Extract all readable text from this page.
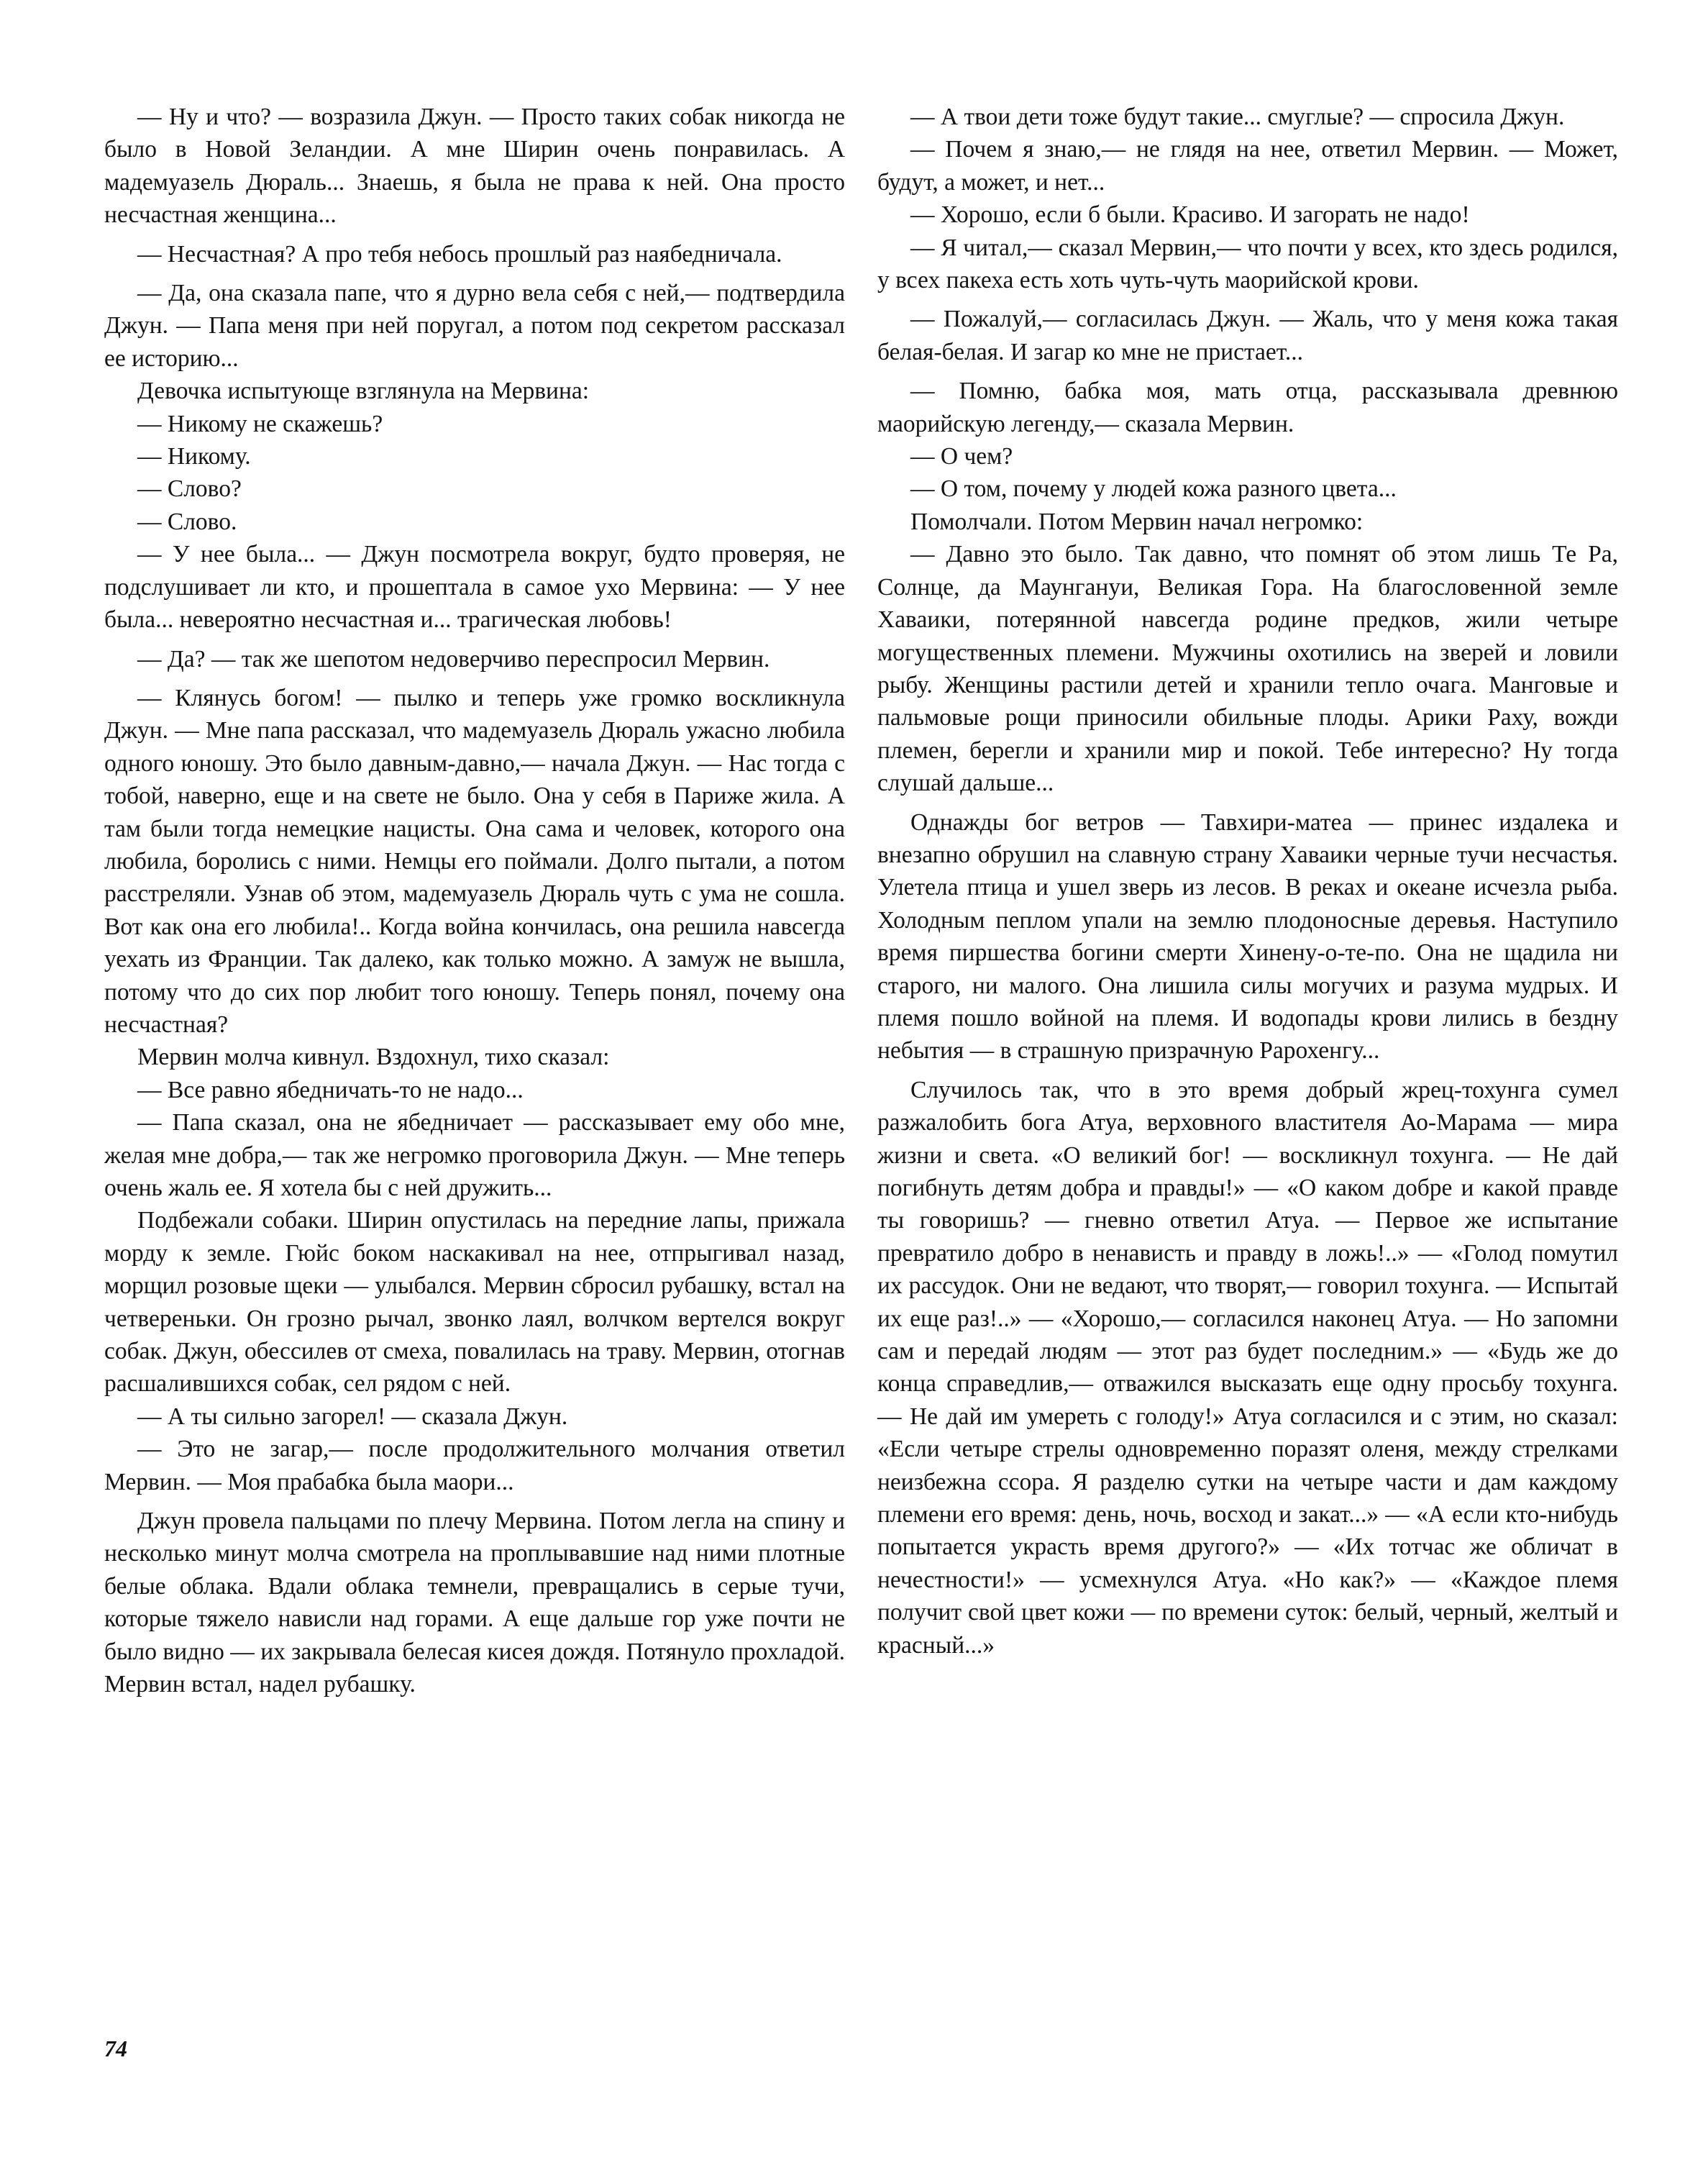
— Ну и что? — возразила Джун. — Просто таких собак никогда не было в Новой Зеландии. А мне Ширин очень понравилась. А мадемуазель Дюраль... Знаешь, я была не права к ней. Она просто несчастная женщина...

— Несчастная? А про тебя небось прошлый раз наябедничала.

— Да, она сказала папе, что я дурно вела себя с ней,— подтвердила Джун. — Папа меня при ней поругал, а потом под секретом рассказал ее историю...

Девочка испытующе взглянула на Мервина:

— Никому не скажешь?

— Никому.

— Слово?

— Слово.

— У нее была... — Джун посмотрела вокруг, будто проверяя, не подслушивает ли кто, и прошептала в самое ухо Мервина: — У нее была... невероятно несчастная и... трагическая любовь!

— Да? — так же шепотом недоверчиво переспросил Мервин.

— Клянусь богом! — пылко и теперь уже громко воскликнула Джун. — Мне папа рассказал, что мадемуазель Дюраль ужасно любила одного юношу. Это было давным-давно,— начала Джун. — Нас тогда с тобой, наверно, еще и на свете не было. Она у себя в Париже жила. А там были тогда немецкие нацисты. Она сама и человек, которого она любила, боролись с ними. Немцы его поймали. Долго пытали, а потом расстреляли. Узнав об этом, мадемуазель Дюраль чуть с ума не сошла. Вот как она его любила!.. Когда война кончилась, она решила навсегда уехать из Франции. Так далеко, как только можно. А замуж не вышла, потому что до сих пор любит того юношу. Теперь понял, почему она несчастная?

Мервин молча кивнул. Вздохнул, тихо сказал:

— Все равно ябедничать-то не надо...

— Папа сказал, она не ябедничает — рассказывает ему обо мне, желая мне добра,— так же негромко проговорила Джун. — Мне теперь очень жаль ее. Я хотела бы с ней дружить...

Подбежали собаки. Ширин опустилась на передние лапы, прижала морду к земле. Гюйс боком наскакивал на нее, отпрыгивал назад, морщил розовые щеки — улыбался. Мервин сбросил рубашку, встал на четвереньки. Он грозно рычал, звонко лаял, волчком вертелся вокруг собак. Джун, обессилев от смеха, повалилась на траву. Мервин, отогнав расшалившихся собак, сел рядом с ней.

— А ты сильно загорел! — сказала Джун.

— Это не загар,— после продолжительного молчания ответил Мервин. — Моя прабабка была маори...

Джун провела пальцами по плечу Мервина. Потом легла на спину и несколько минут молча смотрела на проплывавшие над ними плотные белые облака. Вдали облака темнели, превращались в серые тучи, которые тяжело нависли над горами. А еще дальше гор уже почти не было видно — их закрывала белесая кисея дождя. Потянуло прохладой. Мервин встал, надел рубашку.

— А твои дети тоже будут такие... смуглые? — спросила Джун.

— Почем я знаю,— не глядя на нее, ответил Мервин. — Может, будут, а может, и нет...

— Хорошо, если б были. Красиво. И загорать не надо!

— Я читал,— сказал Мервин,— что почти у всех, кто здесь родился, у всех пакеха есть хоть чуть-чуть маорийской крови.

— Пожалуй,— согласилась Джун. — Жаль, что у меня кожа такая белая-белая. И загар ко мне не пристает...

— Помню, бабка моя, мать отца, рассказывала древнюю маорийскую легенду,— сказала Мервин.

— О чем?

— О том, почему у людей кожа разного цвета...

Помолчали. Потом Мервин начал негромко:

— Давно это было. Так давно, что помнят об этом лишь Те Ра, Солнце, да Маунгануи, Великая Гора. На благословенной земле Хаваики, потерянной навсегда родине предков, жили четыре могущественных племени. Мужчины охотились на зверей и ловили рыбу. Женщины растили детей и хранили тепло очага. Манговые и пальмовые рощи приносили обильные плоды. Арики Раху, вожди племен, берегли и хранили мир и покой. Тебе интересно? Ну тогда слушай дальше...

Однажды бог ветров — Тавхири-матеа — принес издалека и внезапно обрушил на славную страну Хаваики черные тучи несчастья. Улетела птица и ушел зверь из лесов. В реках и океане исчезла рыба. Холодным пеплом упали на землю плодоносные деревья. Наступило время пиршества богини смерти Хинену-о-те-по. Она не щадила ни старого, ни малого. Она лишила силы могучих и разума мудрых. И племя пошло войной на племя. И водопады крови лились в бездну небытия — в страшную призрачную Рарохенгу...

Случилось так, что в это время добрый жрец-тохунга сумел разжалобить бога Атуа, верховного властителя Ао-Марама — мира жизни и света. «О великий бог! — воскликнул тохунга. — Не дай погибнуть детям добра и правды!» — «О каком добре и какой правде ты говоришь? — гневно ответил Атуа. — Первое же испытание превратило добро в ненависть и правду в ложь!..» — «Голод помутил их рассудок. Они не ведают, что творят,— говорил тохунга. — Испытай их еще раз!..» — «Хорошо,— согласился наконец Атуа. — Но запомни сам и передай людям — этот раз будет последним.» — «Будь же до конца справедлив,— отважился высказать еще одну просьбу тохунга. — Не дай им умереть с голоду!» Атуа согласился и с этим, но сказал: «Если четыре стрелы одновременно поразят оленя, между стрелками неизбежна ссора. Я разделю сутки на четыре части и дам каждому племени его время: день, ночь, восход и закат...» — «А если кто-нибудь попытается украсть время другого?» — «Их тотчас же обличат в нечестности!» — усмехнулся Атуа. «Но как?» — «Каждое племя получит свой цвет кожи — по времени суток: белый, черный, желтый и красный...»

74
